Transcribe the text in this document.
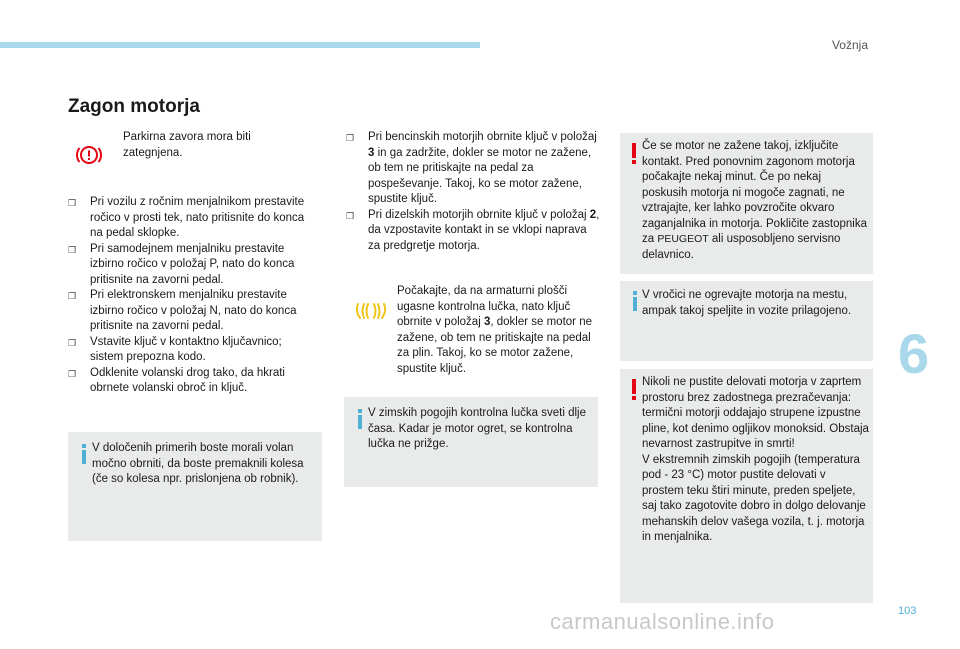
Vožnja
Zagon motorja
Parkirna zavora mora biti zategnjena.
❒ Pri vozilu z ročnim menjalnikom prestavite ročico v prosti tek, nato pritisnite do konca na pedal sklopke.
❒ Pri samodejnem menjalniku prestavite izbirno ročico v položaj P, nato do konca pritisnite na zavorni pedal.
❒ Pri elektronskem menjalniku prestavite izbirno ročico v položaj N, nato do konca pritisnite na zavorni pedal.
❒ Vstavite ključ v kontaktno ključavnico; sistem prepozna kodo.
❒ Odklenite volanski drog tako, da hkrati obrnete volanski obroč in ključ.
V določenih primerih boste morali volan močno obrniti, da boste premaknili kolesa (če so kolesa npr. prislonjena ob robnik).
❒ Pri bencinskih motorjih obrnite ključ v položaj 3 in ga zadržite, dokler se motor ne zažene, ob tem ne pritiskajte na pedal za pospeševanje. Takoj, ko se motor zažene, spustite ključ.
❒ Pri dizelskih motorjih obrnite ključ v položaj 2, da vzpostavite kontakt in se vklopi naprava za predgretje motorja.
Počakajte, da na armaturni plošči ugasne kontrolna lučka, nato ključ obrnite v položaj 3, dokler se motor ne zažene, ob tem ne pritiskajte na pedal za plin. Takoj, ko se motor zažene, spustite ključ.
V zimskih pogojih kontrolna lučka sveti dlje časa. Kadar je motor ogret, se kontrolna lučka ne prižge.
Če se motor ne zažene takoj, izključite kontakt. Pred ponovnim zagonom motorja počakajte nekaj minut. Če po nekaj poskusih motorja ni mogoče zagnati, ne vztrajajte, ker lahko povzročite okvaro zaganjalnika in motorja. Pokličite zastopnika za PEUGEOT ali usposobljeno servisno delavnico.
V vročici ne ogrevajte motorja na mestu, ampak takoj speljite in vozite prilagojeno.
Nikoli ne pustite delovati motorja v zaprtem prostoru brez zadostnega prezračevanja: termični motorji oddajajo strupene izpustne pline, kot denimo ogljikov monoksid. Obstaja nevarnost zastrupitve in smrti!
V ekstremnih zimskih pogojih (temperatura pod - 23 °C) motor pustite delovati v prostem teku štiri minute, preden speljete, saj tako zagotovite dobro in dolgo delovanje mehanskih delov vašega vozila, t. j. motorja in menjalnika.
6
103
carmanualsonline.info
